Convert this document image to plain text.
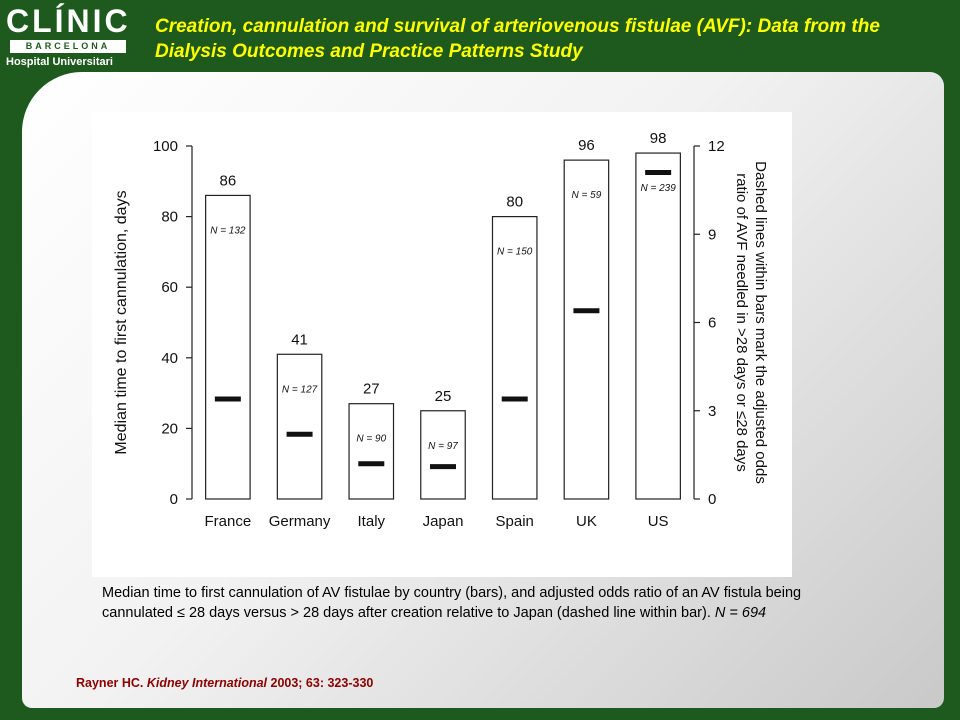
CLÍNIC
BARCELONA
Hospital Universitari
Creation, cannulation and survival of arteriovenous fistulae (AVF): Data from the Dialysis Outcomes and Practice Patterns Study
0
20
40
60
80
100
0
3
6
9
12
86
N = 132
France
41
N = 127
Germany
27
N = 90
Italy
25
N = 97
Japan
80
N = 150
Spain
96
N = 59
UK
98
N = 239
US
Median time to first cannulation, days	Dashed lines within bars mark the adjusted odds
ratio of AVF needled in >28 days or ≤28 days
Median time to first cannulation of AV fistulae by country (bars), and adjusted odds ratio of an AV fistula being cannulated ≤ 28 days versus > 28 days after creation relative to Japan (dashed line within bar). N = 694
Rayner HC. Kidney International 2003; 63: 323-330
